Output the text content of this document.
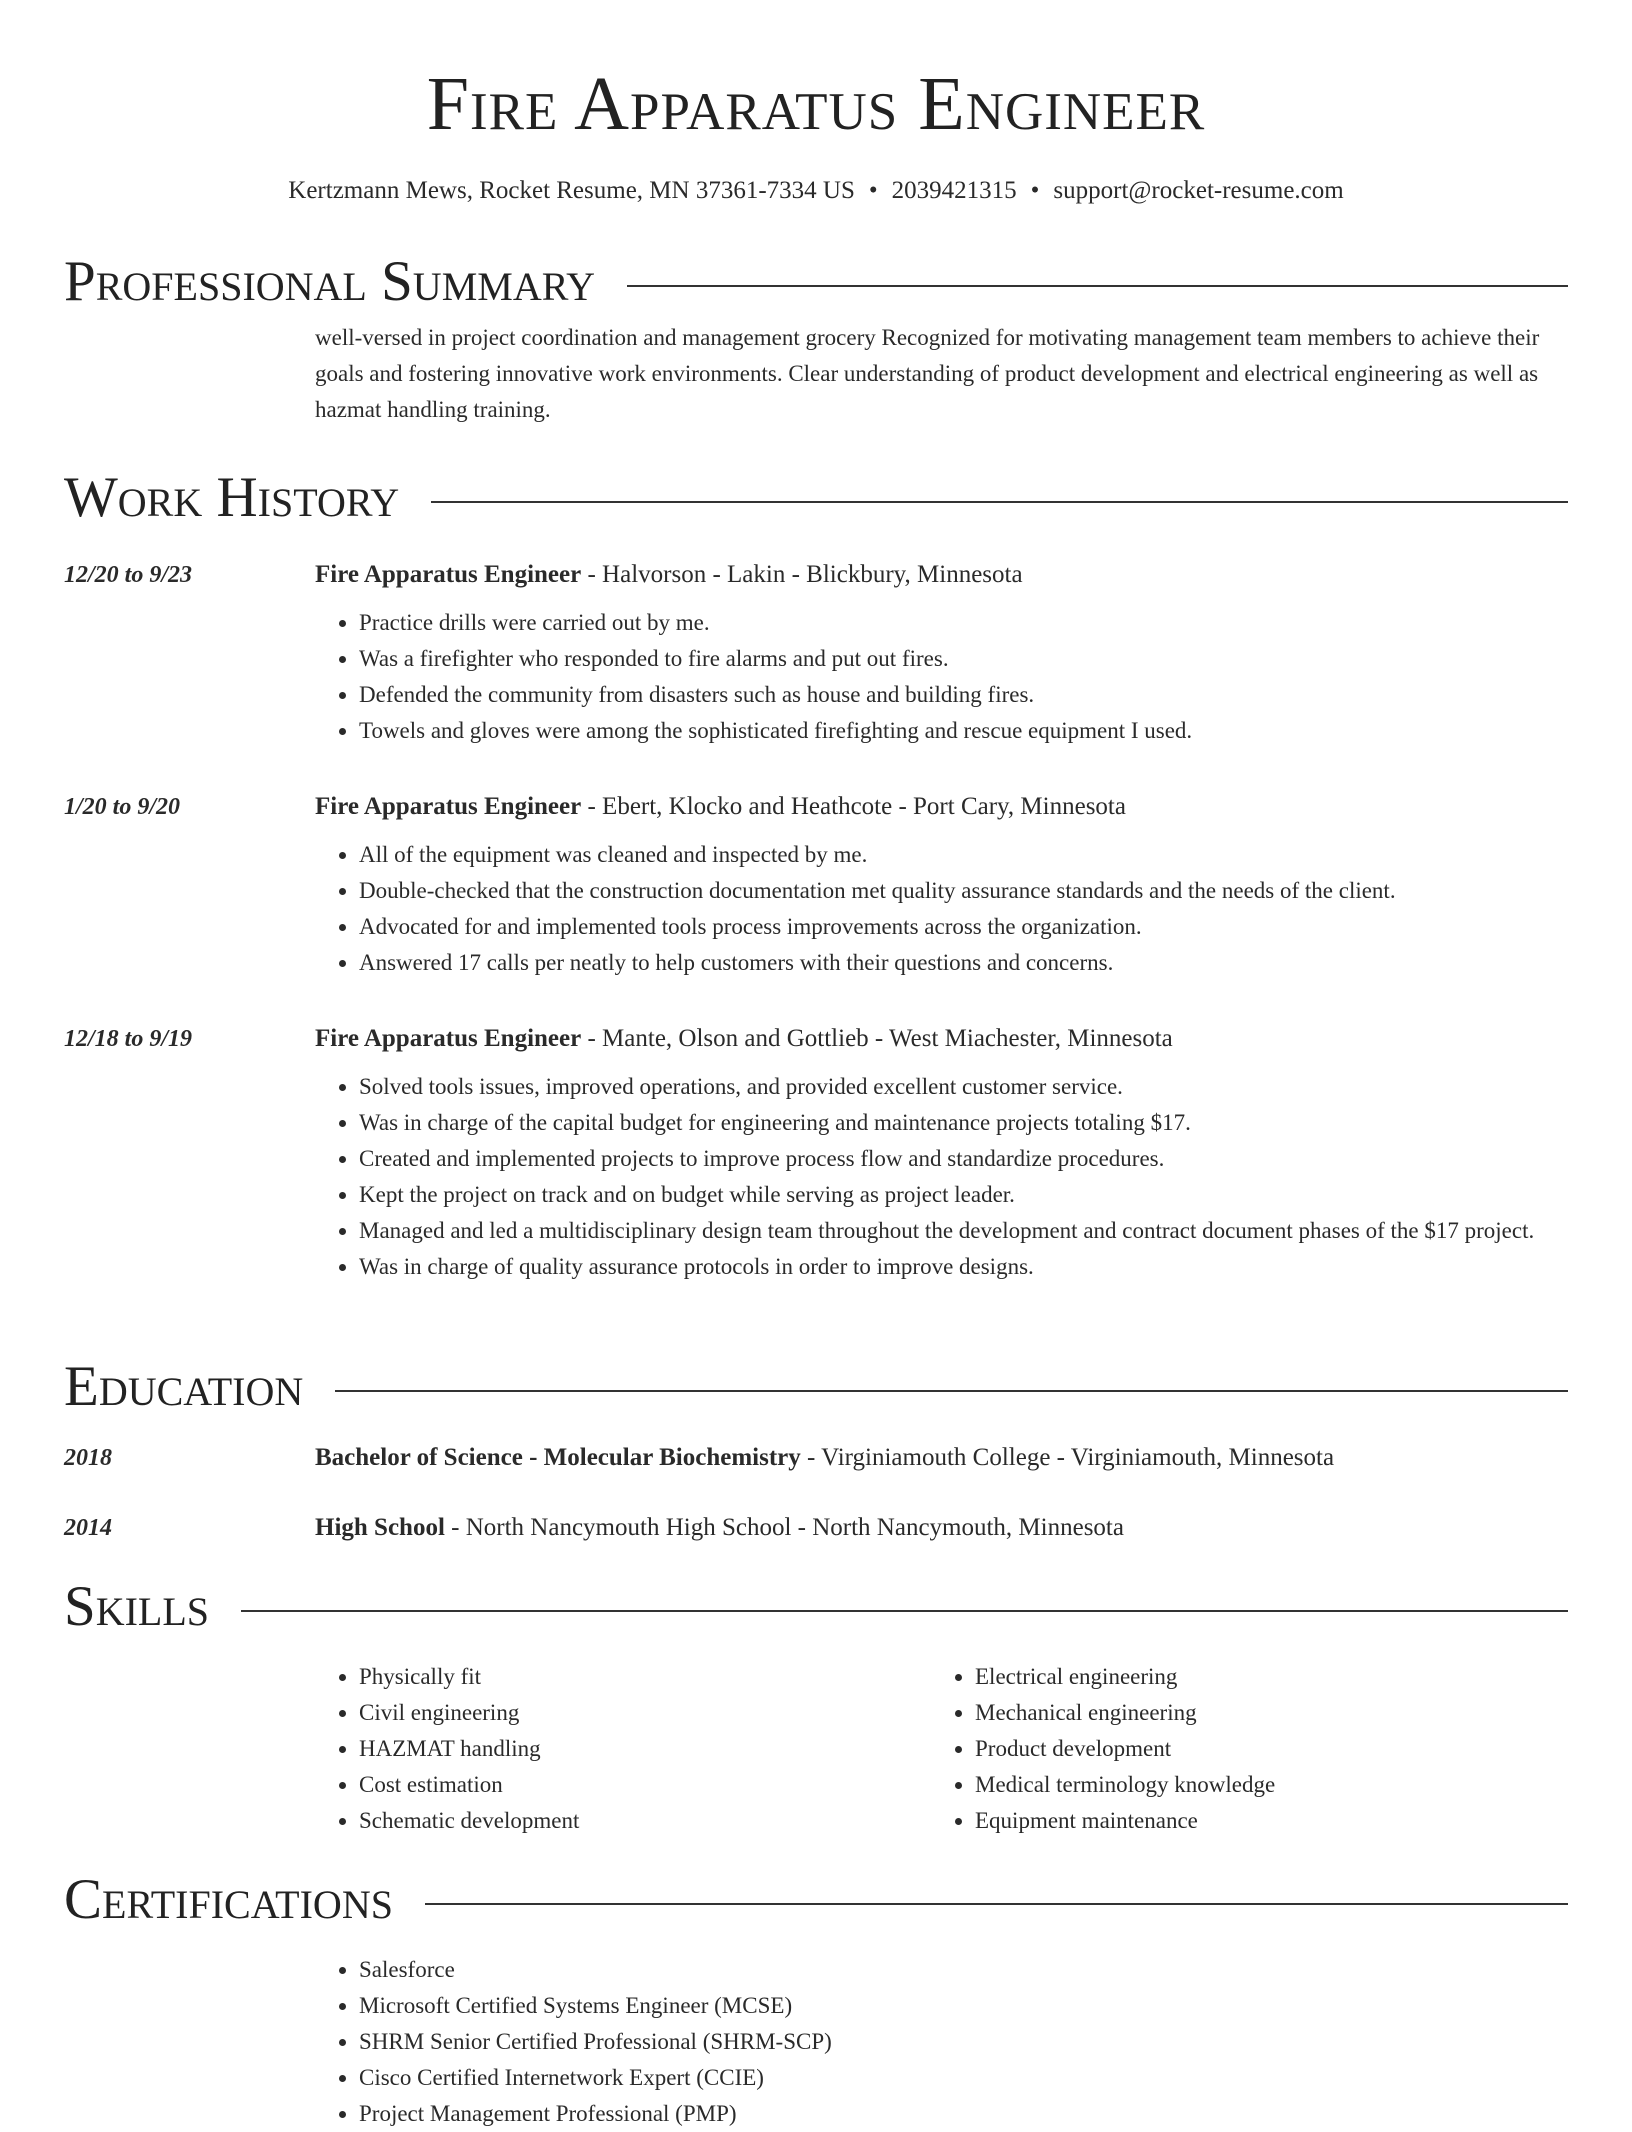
Fire Apparatus Engineer
Kertzmann Mews, Rocket Resume, MN 37361-7334 US • 2039421315 • support@rocket-resume.com
Professional Summary
well-versed in project coordination and management grocery Recognized for motivating management team members to achieve their goals and fostering innovative work environments. Clear understanding of product development and electrical engineering as well as hazmat handling training.
Work History
12/20 to 9/23	Fire Apparatus Engineer - Halvorson - Lakin - Blickbury, Minnesota
• Practice drills were carried out by me.
• Was a firefighter who responded to fire alarms and put out fires.
• Defended the community from disasters such as house and building fires.
• Towels and gloves were among the sophisticated firefighting and rescue equipment I used.
1/20 to 9/20	Fire Apparatus Engineer - Ebert, Klocko and Heathcote - Port Cary, Minnesota
• All of the equipment was cleaned and inspected by me.
• Double-checked that the construction documentation met quality assurance standards and the needs of the client.
• Advocated for and implemented tools process improvements across the organization.
• Answered 17 calls per neatly to help customers with their questions and concerns.
12/18 to 9/19	Fire Apparatus Engineer - Mante, Olson and Gottlieb - West Miachester, Minnesota
• Solved tools issues, improved operations, and provided excellent customer service.
• Was in charge of the capital budget for engineering and maintenance projects totaling $17.
• Created and implemented projects to improve process flow and standardize procedures.
• Kept the project on track and on budget while serving as project leader.
• Managed and led a multidisciplinary design team throughout the development and contract document phases of the $17 project.
• Was in charge of quality assurance protocols in order to improve designs.
Education
2018	Bachelor of Science - Molecular Biochemistry - Virginiamouth College - Virginiamouth, Minnesota
2014	High School - North Nancymouth High School - North Nancymouth, Minnesota
Skills
• Physically fit
• Civil engineering
• HAZMAT handling
• Cost estimation
• Schematic development
• Electrical engineering
• Mechanical engineering
• Product development
• Medical terminology knowledge
• Equipment maintenance
Certifications
• Salesforce
• Microsoft Certified Systems Engineer (MCSE)
• SHRM Senior Certified Professional (SHRM-SCP)
• Cisco Certified Internetwork Expert (CCIE)
• Project Management Professional (PMP)
